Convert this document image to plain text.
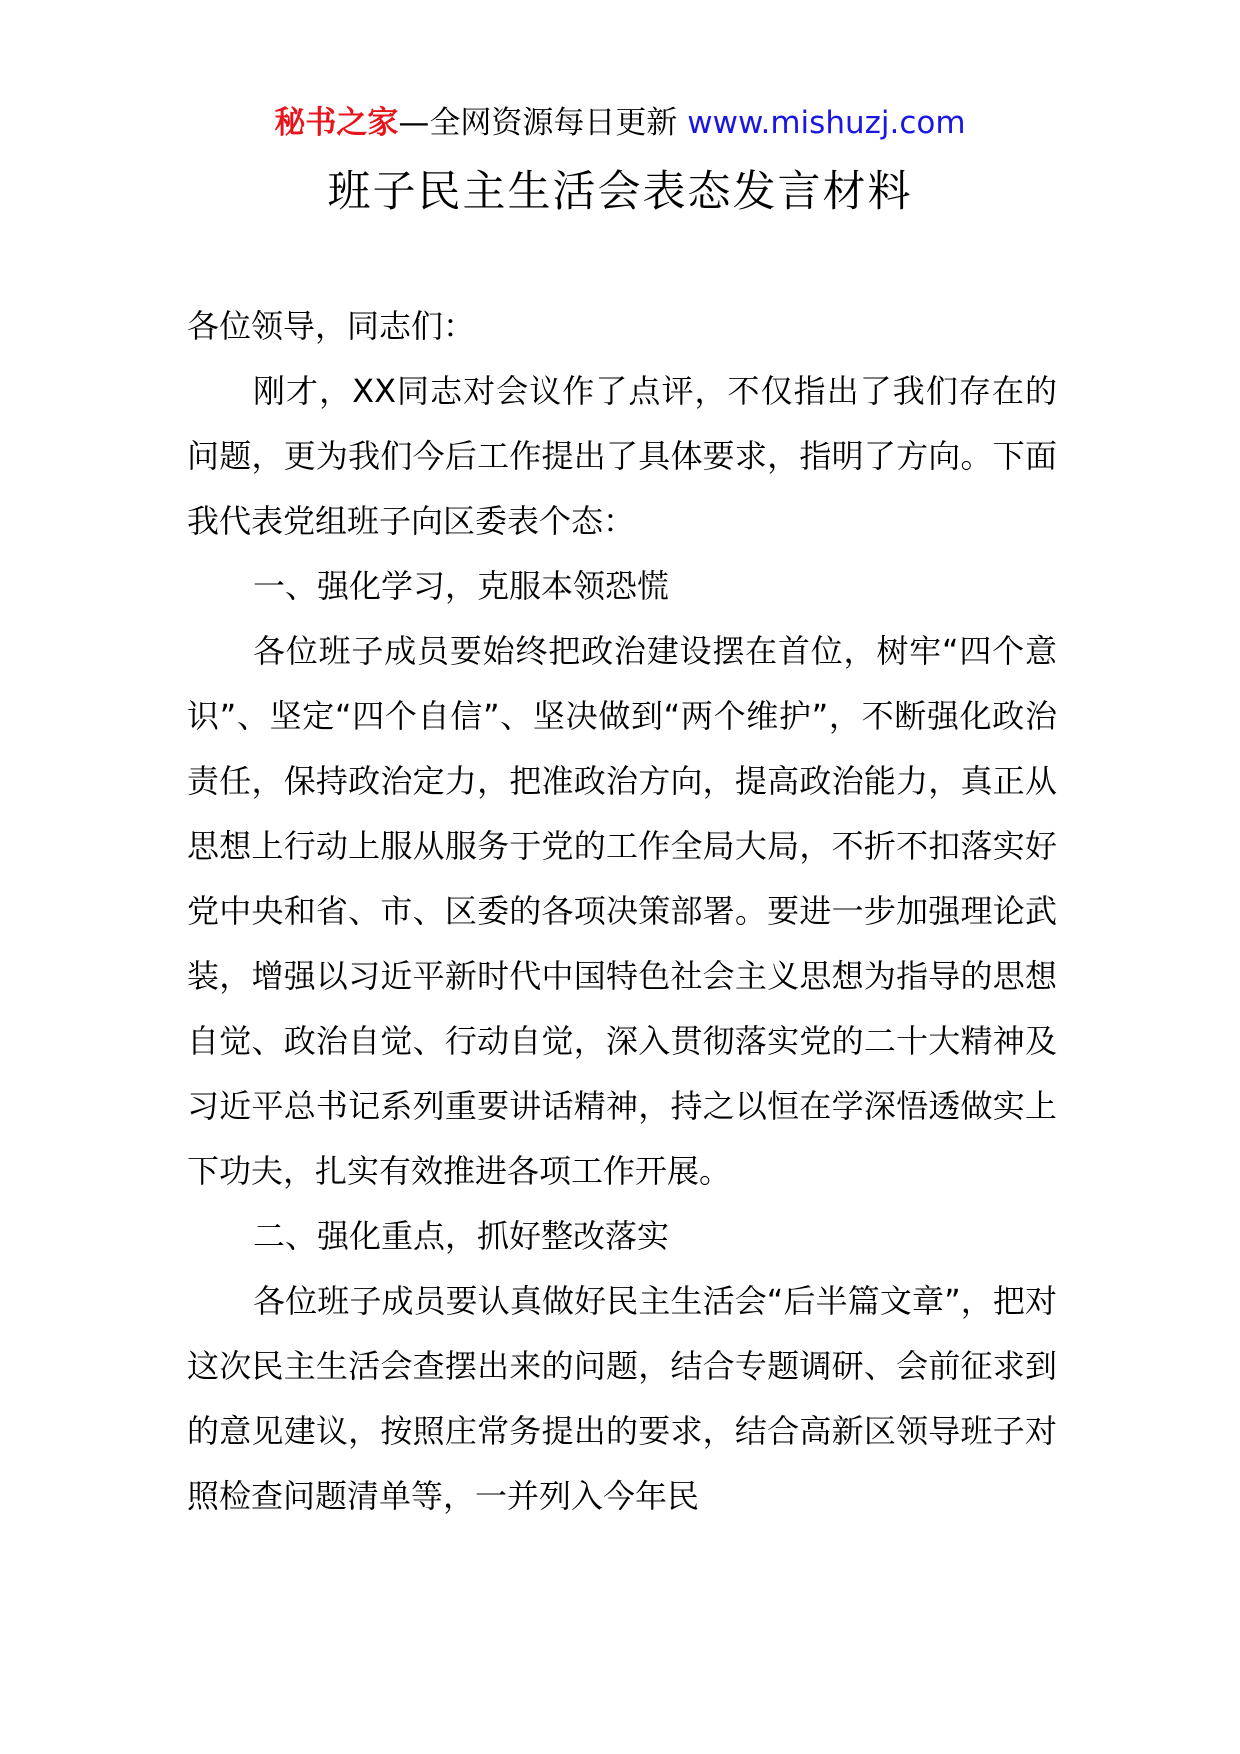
秘书之家—全网资源每日更新 www.mishuzj.com
班子民主生活会表态发言材料

各位领导，同志们：

刚才，XX同志对会议作了点评，不仅指出了我们存在的问题，更为我们今后工作提出了具体要求，指明了方向。下面我代表党组班子向区委表个态：

一、强化学习，克服本领恐慌

各位班子成员要始终把政治建设摆在首位，树牢“四个意识”、坚定“四个自信”、坚决做到“两个维护”，不断强化政治责任，保持政治定力，把准政治方向，提高政治能力，真正从思想上行动上服从服务于党的工作全局大局，不折不扣落实好党中央和省、市、区委的各项决策部署。要进一步加强理论武装，增强以习近平新时代中国特色社会主义思想为指导的思想自觉、政治自觉、行动自觉，深入贯彻落实党的二十大精神及习近平总书记系列重要讲话精神，持之以恒在学深悟透做实上下功夫，扎实有效推进各项工作开展。

二、强化重点，抓好整改落实

各位班子成员要认真做好民主生活会“后半篇文章”，把对这次民主生活会查摆出来的问题，结合专题调研、会前征求到的意见建议，按照庄常务提出的要求，结合高新区领导班子对照检查问题清单等，一并列入今年民
